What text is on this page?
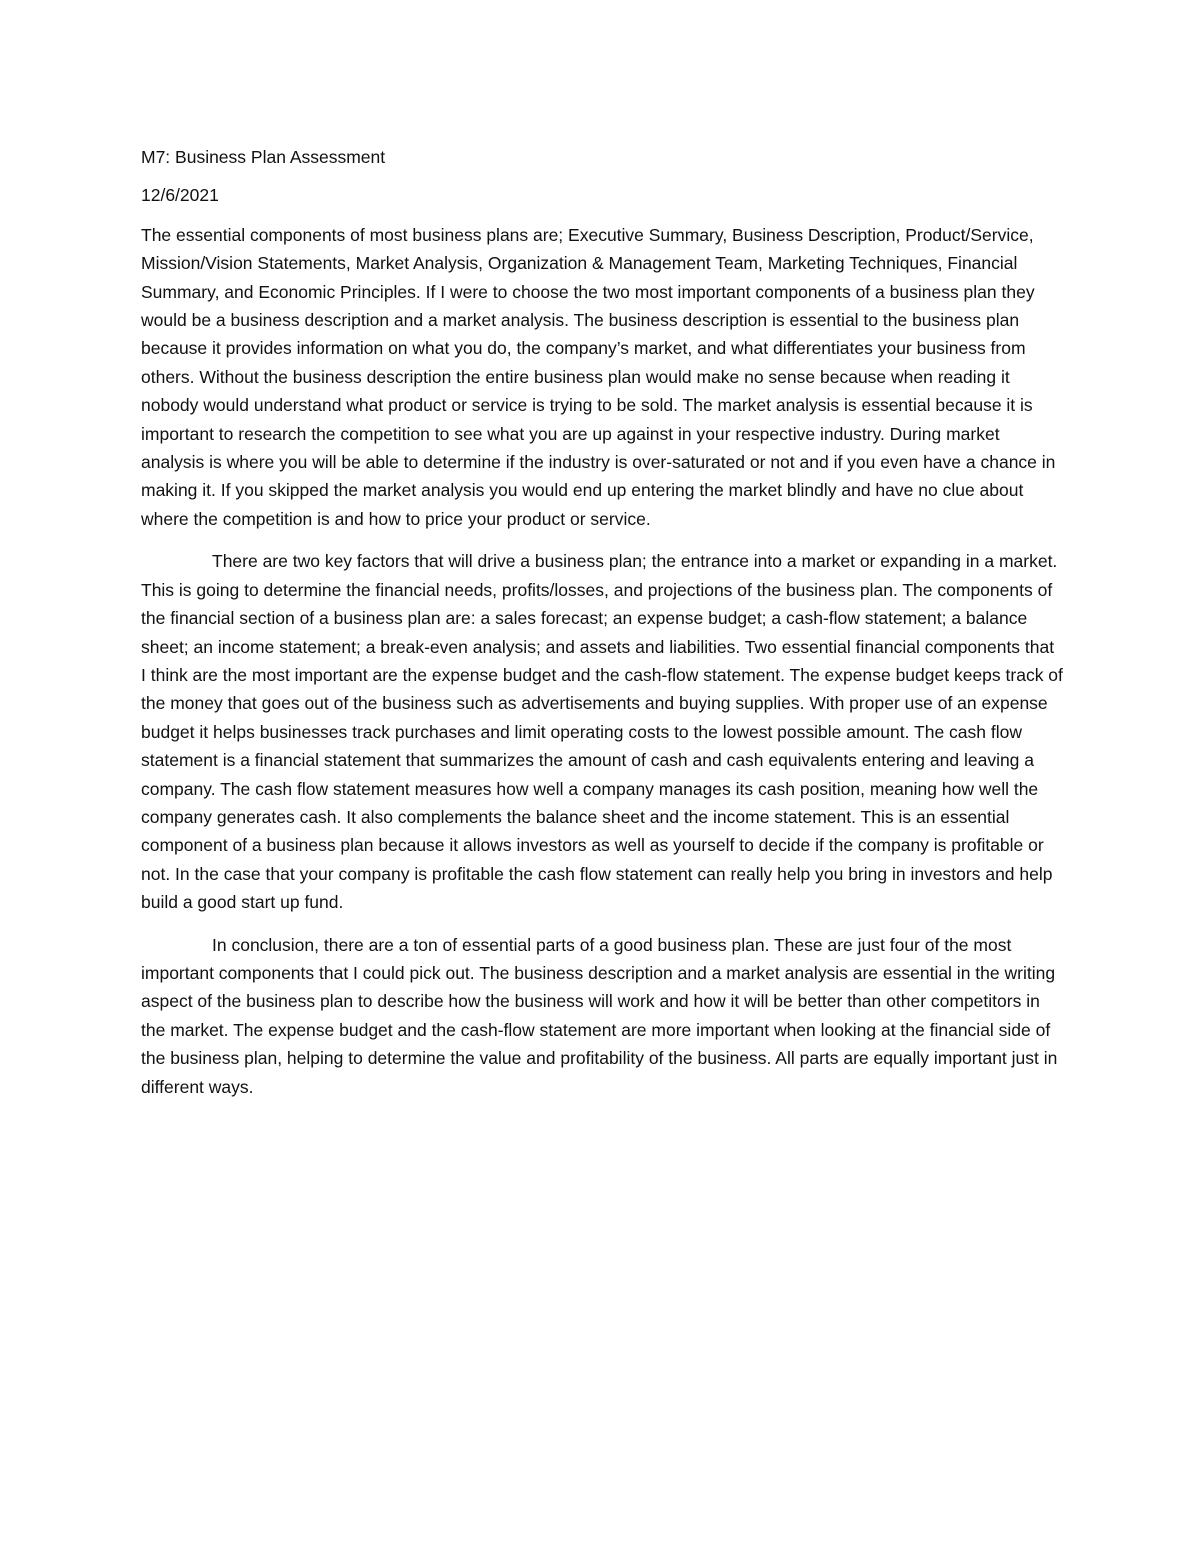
M7: Business Plan Assessment
12/6/2021

The essential components of most business plans are; Executive Summary, Business Description, Product/Service, Mission/Vision Statements, Market Analysis, Organization & Management Team, Marketing Techniques, Financial Summary, and Economic Principles. If I were to choose the two most important components of a business plan they would be a business description and a market analysis. The business description is essential to the business plan because it provides information on what you do, the company’s market, and what differentiates your business from others. Without the business description the entire business plan would make no sense because when reading it nobody would understand what product or service is trying to be sold. The market analysis is essential because it is important to research the competition to see what you are up against in your respective industry. During market analysis is where you will be able to determine if the industry is over-saturated or not and if you even have a chance in making it. If you skipped the market analysis you would end up entering the market blindly and have no clue about where the competition is and how to price your product or service.

There are two key factors that will drive a business plan; the entrance into a market or expanding in a market. This is going to determine the financial needs, profits/losses, and projections of the business plan. The components of the financial section of a business plan are: a sales forecast; an expense budget; a cash-flow statement; a balance sheet; an income statement; a break-even analysis; and assets and liabilities. Two essential financial components that I think are the most important are the expense budget and the cash-flow statement. The expense budget keeps track of the money that goes out of the business such as advertisements and buying supplies. With proper use of an expense budget it helps businesses track purchases and limit operating costs to the lowest possible amount. The cash flow statement is a financial statement that summarizes the amount of cash and cash equivalents entering and leaving a company. The cash flow statement measures how well a company manages its cash position, meaning how well the company generates cash. It also complements the balance sheet and the income statement. This is an essential component of a business plan because it allows investors as well as yourself to decide if the company is profitable or not. In the case that your company is profitable the cash flow statement can really help you bring in investors and help build a good start up fund.

In conclusion, there are a ton of essential parts of a good business plan. These are just four of the most important components that I could pick out. The business description and a market analysis are essential in the writing aspect of the business plan to describe how the business will work and how it will be better than other competitors in the market. The expense budget and the cash-flow statement are more important when looking at the financial side of the business plan, helping to determine the value and profitability of the business. All parts are equally important just in different ways.
